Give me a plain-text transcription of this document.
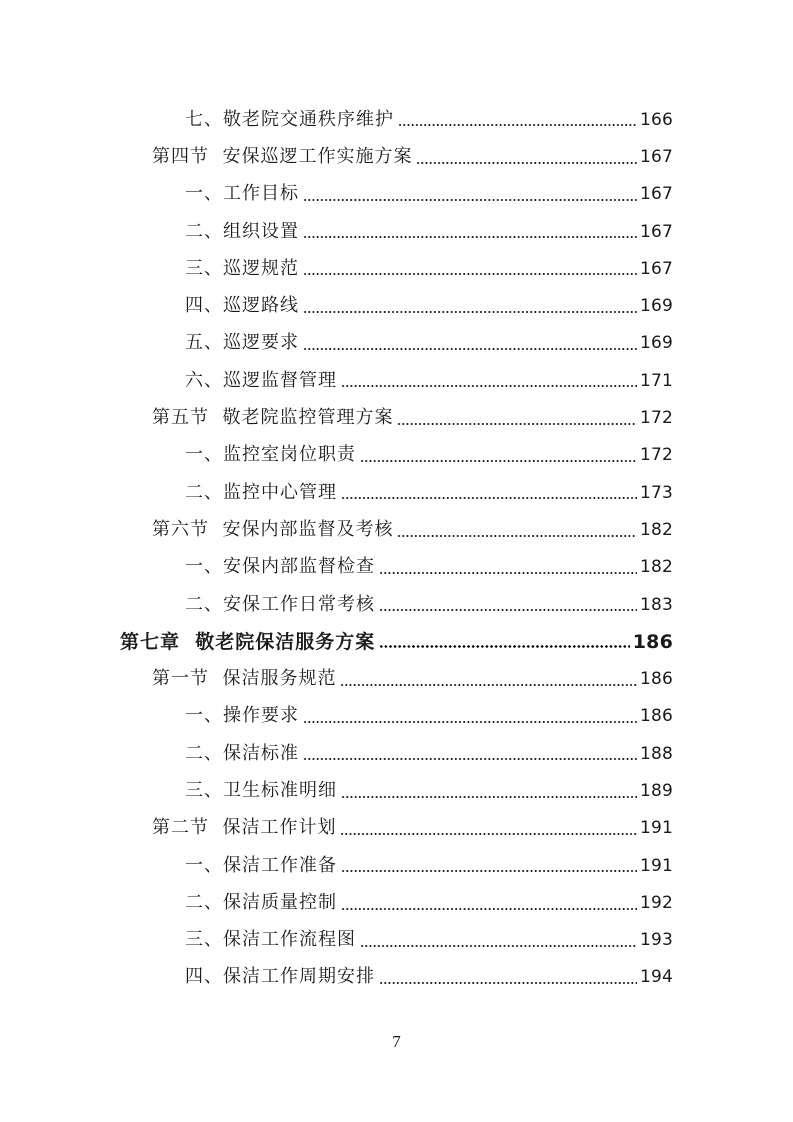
七、敬老院交通秩序维护	166
第四节  安保巡逻工作实施方案	167
一、工作目标	167
二、组织设置	167
三、巡逻规范	167
四、巡逻路线	169
五、巡逻要求	169
六、巡逻监督管理	171
第五节  敬老院监控管理方案	172
一、监控室岗位职责	172
二、监控中心管理	173
第六节  安保内部监督及考核	182
一、安保内部监督检查	182
二、安保工作日常考核	183
第七章  敬老院保洁服务方案	186
第一节  保洁服务规范	186
一、操作要求	186
二、保洁标准	188
三、卫生标准明细	189
第二节  保洁工作计划	191
一、保洁工作准备	191
二、保洁质量控制	192
三、保洁工作流程图	193
四、保洁工作周期安排	194
7
